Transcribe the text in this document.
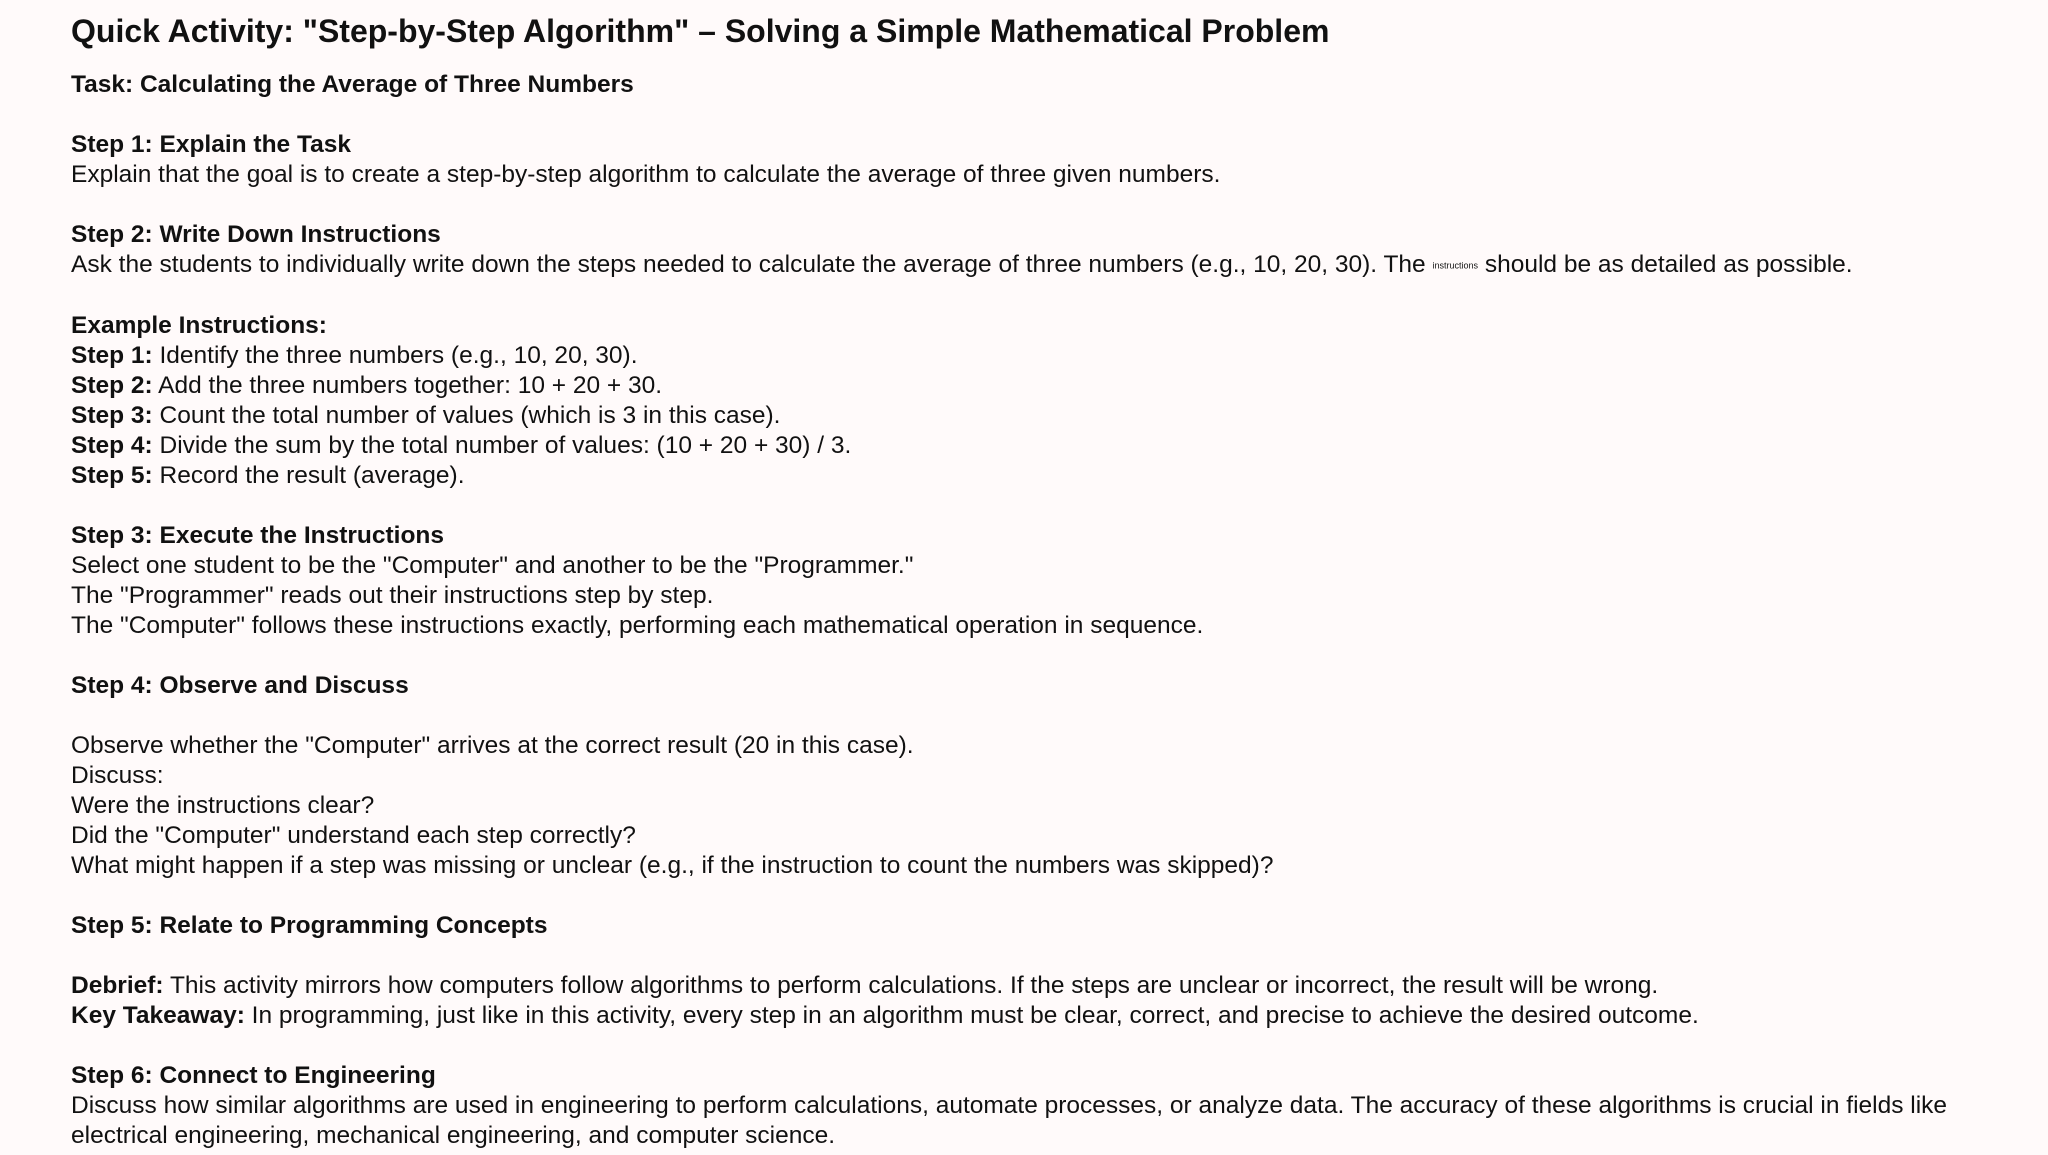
Quick Activity: "Step-by-Step Algorithm" – Solving a Simple Mathematical Problem
Task: Calculating the Average of Three Numbers
Step 1: Explain the Task
Explain that the goal is to create a step-by-step algorithm to calculate the average of three given numbers.
Step 2: Write Down Instructions
Ask the students to individually write down the steps needed to calculate the average of three numbers (e.g., 10, 20, 30). The instructions should be as detailed as possible.
Example Instructions:
Step 1: Identify the three numbers (e.g., 10, 20, 30).
Step 2: Add the three numbers together: 10 + 20 + 30.
Step 3: Count the total number of values (which is 3 in this case).
Step 4: Divide the sum by the total number of values: (10 + 20 + 30) / 3.
Step 5: Record the result (average).
Step 3: Execute the Instructions
Select one student to be the "Computer" and another to be the "Programmer."
The "Programmer" reads out their instructions step by step.
The "Computer" follows these instructions exactly, performing each mathematical operation in sequence.
Step 4: Observe and Discuss
Observe whether the "Computer" arrives at the correct result (20 in this case).
Discuss:
Were the instructions clear?
Did the "Computer" understand each step correctly?
What might happen if a step was missing or unclear (e.g., if the instruction to count the numbers was skipped)?
Step 5: Relate to Programming Concepts
Debrief: This activity mirrors how computers follow algorithms to perform calculations. If the steps are unclear or incorrect, the result will be wrong.
Key Takeaway: In programming, just like in this activity, every step in an algorithm must be clear, correct, and precise to achieve the desired outcome.
Step 6: Connect to Engineering
Discuss how similar algorithms are used in engineering to perform calculations, automate processes, or analyze data. The accuracy of these algorithms is crucial in fields like electrical engineering, mechanical engineering, and computer science.
